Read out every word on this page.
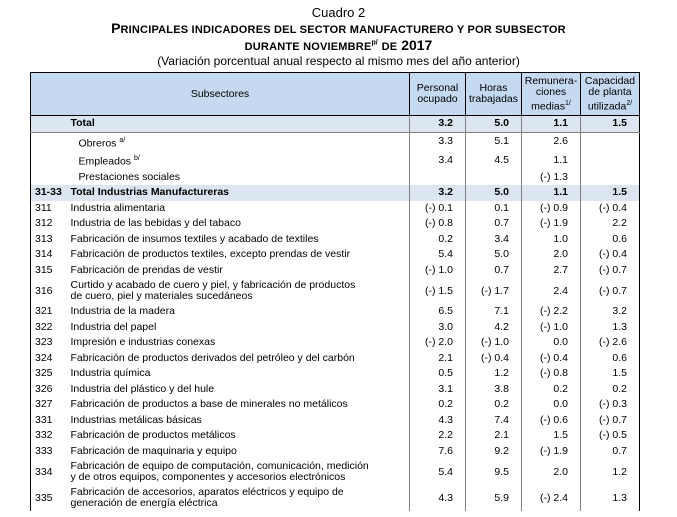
Cuadro 2
PRINCIPALES INDICADORES DEL SECTOR MANUFACTURERO Y POR SUBSECTOR
DURANTE $NOVIEMBRE^{p/}$ DE 2017
(Variación porcentual anual respecto al mismo mes del año anterior)
Subsectores		Personal ocupado	Horas trabajadas	Remunera- ciones medias$^{1/}$	Capacidad de planta utilizada$^{2/}$
	Total	3.2	5.0	1.1	1.5
	Obreros $^{a/}$	3.3	5.1	2.6	
	Empleados $^{b/}$	3.4	4.5	1.1	
	Prestaciones sociales			(-) 1.3	
31-33	Total Industrias Manufactureras	3.2	5.0	1.1	1.5
311	Industria alimentaria	(-) 0.1	0.1	(-) 0.9	(-) 0.4
312	Industria de las bebidas y del tabaco	(-) 0.8	0.7	(-) 1.9	2.2
313	Fabricación de insumos textiles y acabado de textiles	0.2	3.4	1.0	0.6
314	Fabricación de productos textiles, excepto prendas de vestir	5.4	5.0	2.0	(-) 0.4
315	Fabricación de prendas de vestir	(-) 1.0	0.7	2.7	(-) 0.7
316	Curtido y acabado de cuero y piel, y fabricación de productos
de cuero, piel y materiales sucedáneos	(-) 1.5	(-) 1.7	2.4	(-) 0.7
321	Industria de la madera	6.5	7.1	(-) 2.2	3.2
322	Industria del papel	3.0	4.2	(-) 1.0	1.3
323	Impresión e industrias conexas	(-) 2.0	(-) 1.0	0.0	(-) 2.6
324	Fabricación de productos derivados del petróleo y del carbón	2.1	(-) 0.4	(-) 0.4	0.6
325	Industria química	0.5	1.2	(-) 0.8	1.5
326	Industria del plástico y del hule	3.1	3.8	0.2	0.2
327	Fabricación de productos a base de minerales no metálicos	0.2	0.2	0.0	(-) 0.3
331	Industrias metálicas básicas	4.3	7.4	(-) 0.6	(-) 0.7
332	Fabricación de productos metálicos	2.2	2.1	1.5	(-) 0.5
333	Fabricación de maquinaria y equipo	7.6	9.2	(-) 1.9	0.7
334	Fabricación de equipo de computación, comunicación, medición
y de otros equipos, componentes y accesorios electrónicos	5.4	9.5	2.0	1.2
335	Fabricación de accesorios, aparatos eléctricos y equipo de
generación de energía eléctrica	4.3	5.9	(-) 2.4	1.3
